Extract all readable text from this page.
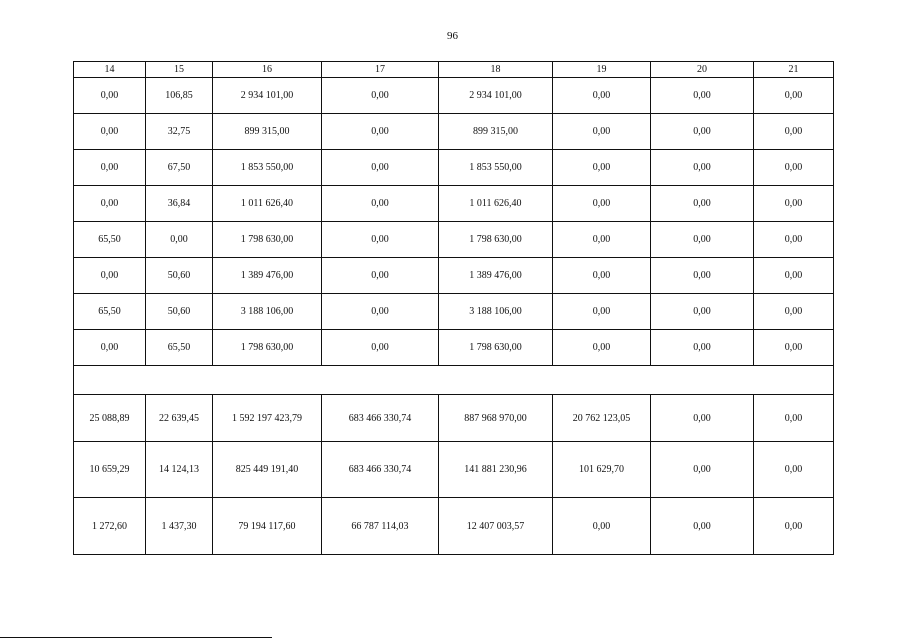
96
14	15	16	17	18	19	20	21
0,00	106,85	2 934 101,00	0,00	2 934 101,00	0,00	0,00	0,00
0,00	32,75	899 315,00	0,00	899 315,00	0,00	0,00	0,00
0,00	67,50	1 853 550,00	0,00	1 853 550,00	0,00	0,00	0,00
0,00	36,84	1 011 626,40	0,00	1 011 626,40	0,00	0,00	0,00
65,50	0,00	1 798 630,00	0,00	1 798 630,00	0,00	0,00	0,00
0,00	50,60	1 389 476,00	0,00	1 389 476,00	0,00	0,00	0,00
65,50	50,60	3 188 106,00	0,00	3 188 106,00	0,00	0,00	0,00
0,00	65,50	1 798 630,00	0,00	1 798 630,00	0,00	0,00	0,00

25 088,89	22 639,45	1 592 197 423,79	683 466 330,74	887 968 970,00	20 762 123,05	0,00	0,00
10 659,29	14 124,13	825 449 191,40	683 466 330,74	141 881 230,96	101 629,70	0,00	0,00
1 272,60	1 437,30	79 194 117,60	66 787 114,03	12 407 003,57	0,00	0,00	0,00
